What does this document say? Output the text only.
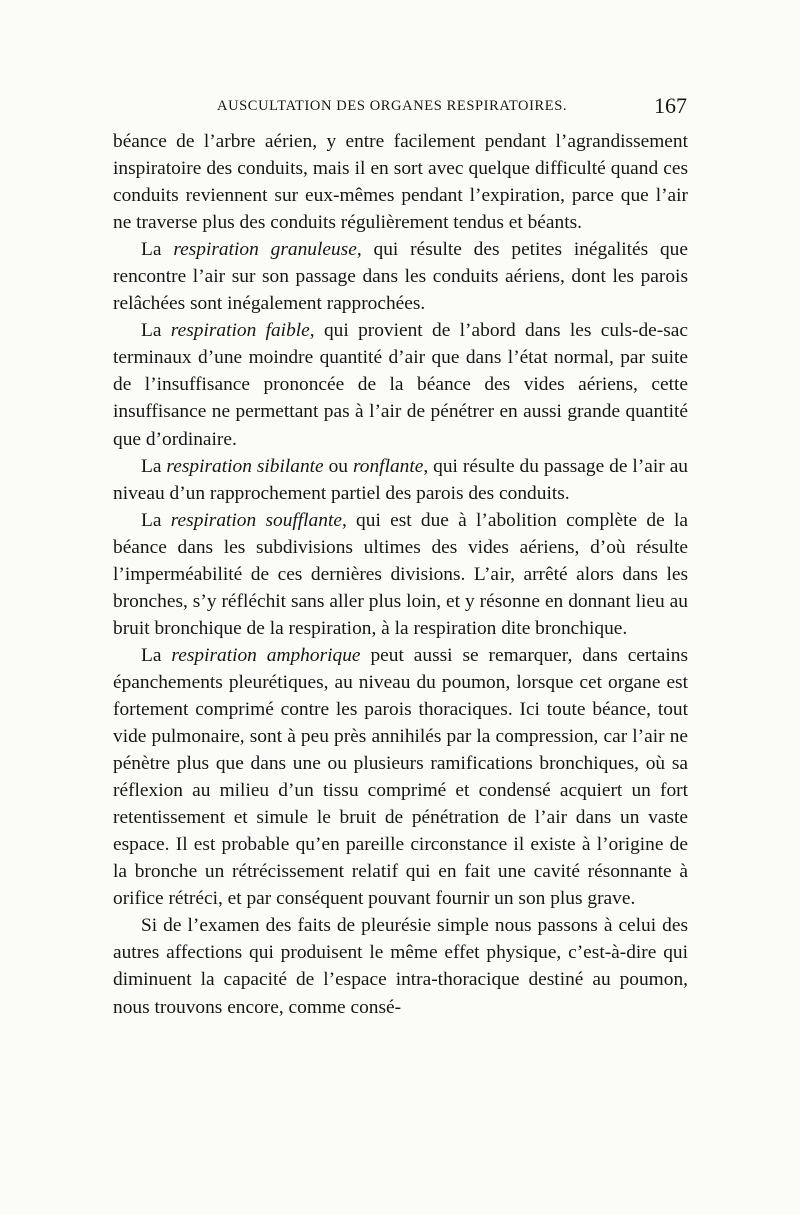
AUSCULTATION DES ORGANES RESPIRATOIRES.	167

béance de l’arbre aérien, y entre facilement pendant l’agrandissement inspiratoire des conduits, mais il en sort avec quelque difficulté quand ces conduits reviennent sur eux-mêmes pendant l’expiration, parce que l’air ne traverse plus des conduits régulièrement tendus et béants.

La respiration granuleuse, qui résulte des petites inégalités que rencontre l’air sur son passage dans les conduits aériens, dont les parois relâchées sont inégalement rapprochées.

La respiration faible, qui provient de l’abord dans les culs-de-sac terminaux d’une moindre quantité d’air que dans l’état normal, par suite de l’insuffisance prononcée de la béance des vides aériens, cette insuffisance ne permettant pas à l’air de pénétrer en aussi grande quantité que d’ordinaire.

La respiration sibilante ou ronflante, qui résulte du passage de l’air au niveau d’un rapprochement partiel des parois des conduits.

La respiration soufflante, qui est due à l’abolition complète de la béance dans les subdivisions ultimes des vides aériens, d’où résulte l’imperméabilité de ces dernières divisions. L’air, arrêté alors dans les bronches, s’y réfléchit sans aller plus loin, et y résonne en donnant lieu au bruit bronchique de la respiration, à la respiration dite bronchique.

La respiration amphorique peut aussi se remarquer, dans certains épanchements pleurétiques, au niveau du poumon, lorsque cet organe est fortement comprimé contre les parois thoraciques. Ici toute béance, tout vide pulmonaire, sont à peu près annihilés par la compression, car l’air ne pénètre plus que dans une ou plusieurs ramifications bronchiques, où sa réflexion au milieu d’un tissu comprimé et condensé acquiert un fort retentissement et simule le bruit de pénétration de l’air dans un vaste espace. Il est probable qu’en pareille circonstance il existe à l’origine de la bronche un rétrécissement relatif qui en fait une cavité résonnante à orifice rétréci, et par conséquent pouvant fournir un son plus grave.

Si de l’examen des faits de pleurésie simple nous passons à celui des autres affections qui produisent le même effet physique, c’est-à-dire qui diminuent la capacité de l’espace intra-thoracique destiné au poumon, nous trouvons encore, comme consé-
